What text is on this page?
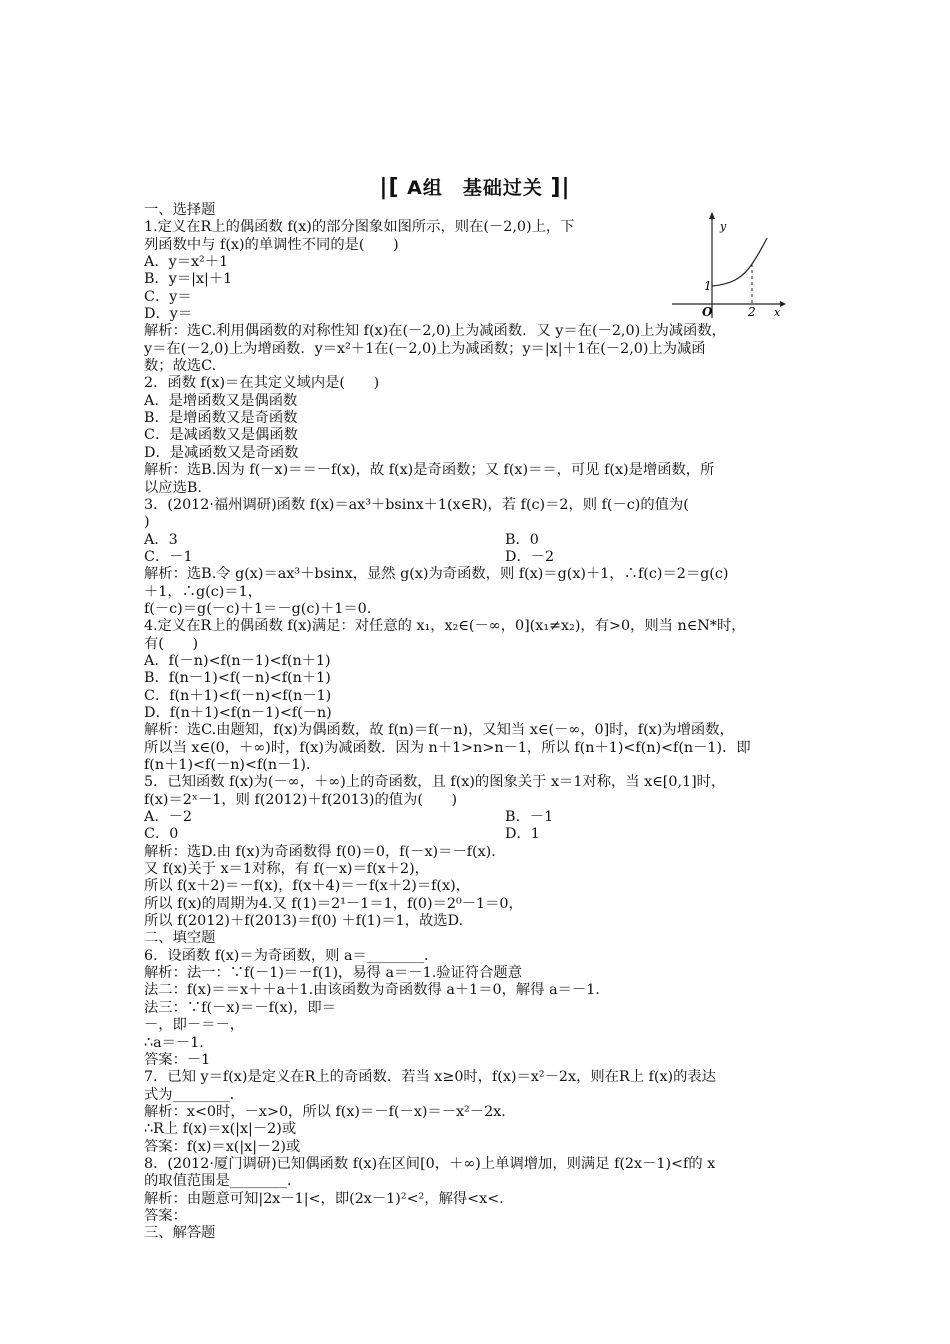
|[ A组　基础过关 ]|
y
x
O
1
2
一、选择题
1.定义在R上的偶函数 f(x)的部分图象如图所示，则在(－2,0)上，下
列函数中与 f(x)的单调性不同的是(　　)
A．y＝x²＋1
B．y＝|x|＋1
C．y＝
D．y＝
解析：选C.利用偶函数的对称性知 f(x)在(－2,0)上为减函数．又 y＝在(－2,0)上为减函数，
y＝在(－2,0)上为增函数．y＝x²＋1在(－2,0)上为减函数；y＝|x|＋1在(－2,0)上为减函
数；故选C.
2．函数 f(x)＝在其定义域内是(　　)
A．是增函数又是偶函数
B．是增函数又是奇函数
C．是减函数又是偶函数
D．是减函数又是奇函数
解析：选B.因为 f(－x)＝＝－f(x)，故 f(x)是奇函数；又 f(x)＝＝，可见 f(x)是增函数，所
以应选B.
3．(2012·福州调研)函数 f(x)＝ax³＋bsinx＋1(x∈R)，若 f(c)＝2，则 f(－c)的值为(
)
A．3	B．0
C．－1	D．－2
解析：选B.令 g(x)＝ax³＋bsinx，显然 g(x)为奇函数，则 f(x)＝g(x)＋1，∴f(c)＝2＝g(c)
＋1，∴g(c)＝1，
f(－c)＝g(－c)＋1＝－g(c)＋1＝0.
4.定义在R上的偶函数 f(x)满足：对任意的 x₁，x₂∈(－∞，0](x₁≠x₂)，有>0，则当 n∈N*时，
有(　　)
A．f(－n)<f(n－1)<f(n＋1)
B．f(n－1)<f(－n)<f(n＋1)
C．f(n＋1)<f(－n)<f(n－1)
D．f(n＋1)<f(n－1)<f(－n)
解析：选C.由题知，f(x)为偶函数，故 f(n)＝f(－n)，又知当 x∈(－∞，0]时，f(x)为增函数，
所以当 x∈(0，＋∞)时，f(x)为减函数．因为 n＋1>n>n－1，所以 f(n＋1)<f(n)<f(n－1)．即
f(n＋1)<f(－n)<f(n－1)．
5．已知函数 f(x)为(－∞，＋∞)上的奇函数，且 f(x)的图象关于 x＝1对称，当 x∈[0,1]时，
f(x)＝2ˣ－1，则 f(2012)＋f(2013)的值为(　　)
A．－2	B．－1
C．0	D．1
解析：选D.由 f(x)为奇函数得 f(0)＝0，f(－x)＝－f(x)．
又 f(x)关于 x＝1对称，有 f(－x)＝f(x＋2)，
所以 f(x＋2)＝－f(x)，f(x＋4)＝－f(x＋2)＝f(x)，
所以 f(x)的周期为4.又 f(1)＝2¹－1＝1，f(0)＝2⁰－1＝0，
所以 f(2012)＋f(2013)＝f(0) ＋f(1)＝1，故选D.
二、填空题
6．设函数 f(x)＝为奇函数，则 a＝________．
解析：法一：∵f(－1)＝－f(1)，易得 a＝－1.验证符合题意
法二：f(x)＝＝x＋＋a＋1.由该函数为奇函数得 a＋1＝0，解得 a＝－1.
法三：∵f(－x)＝－f(x)，即＝
－，即－＝－，
∴a＝－1.
答案：－1
7．已知 y＝f(x)是定义在R上的奇函数．若当 x≥0时，f(x)＝x²－2x，则在R上 f(x)的表达
式为________．
解析：x<0时，－x>0，所以 f(x)＝－f(－x)＝－x²－2x.
∴R上 f(x)＝x(|x|－2)或
答案：f(x)＝x(|x|－2)或
8．(2012·厦门调研)已知偶函数 f(x)在区间[0，＋∞)上单调增加，则满足 f(2x－1)<f的 x
的取值范围是________．
解析：由题意可知|2x－1|<，即(2x－1)²<²，解得<x<.
答案：
三、解答题
